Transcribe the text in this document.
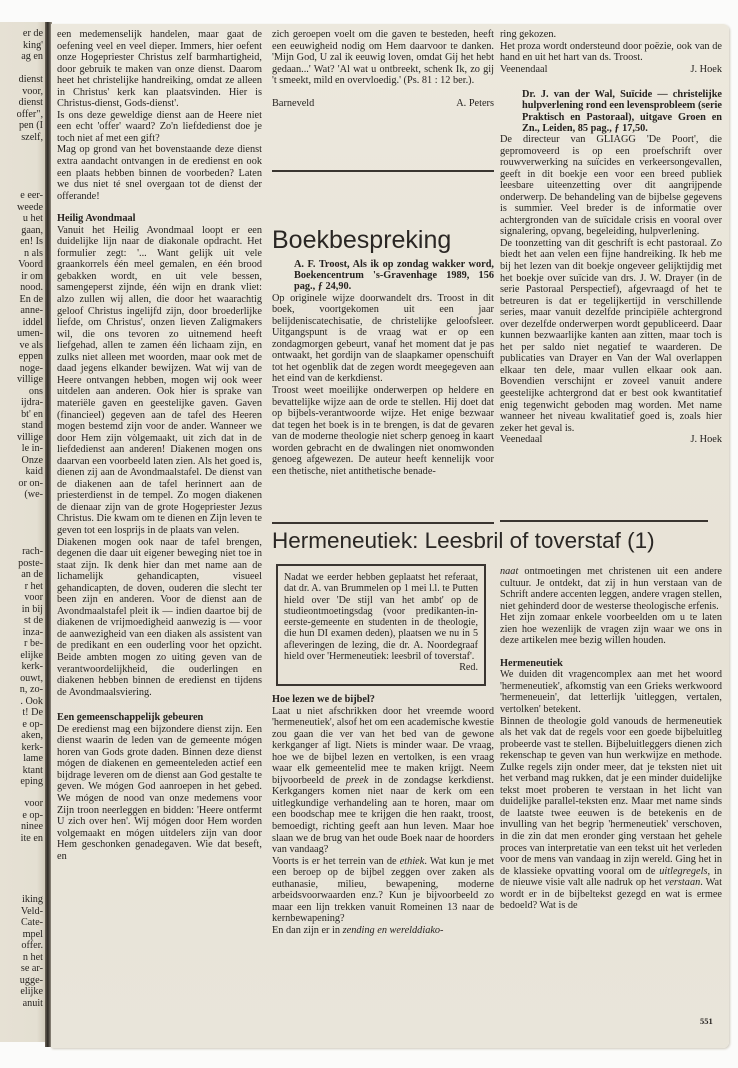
er de
king'
ag en

dienst
voor,
dienst
offer",
pen (I
szelf,
e eer-
weede
u het
gaan,
en! Is
n als
Voord
ir om
nood.
En de
anne-
iddel
umen-
ve als
eppen
noge-
villige
ons
ijdra-
bt' en
stand
villige
le in-
Onze
kaid
or on-
(we-
rach-
poste-
an de
r het
voor
in bij
st de
inza-
r be-
elijke
kerk-
ouwt,
n, zo-
. Ook
t! De
e op-
aken,
kerk-
lame
ktant
eping
voor
e op-
ninee
ite en
iking
Veld-
Cate-
mpel
offer.
n het
se ar-
ugge-
elijke
anuit

een medemenselijk handelen, maar gaat de oefening veel en veel dieper. Immers, hier oefent onze Hogepriester Christus zelf barmhartigheid, door gebruik te maken van onze dienst. Daarom heet het christelijke handreiking, omdat ze alleen in Christus' kerk kan plaatsvinden. Hier is Christus-dienst, Gods-dienst'.

Is ons deze geweldige dienst aan de Heere niet een echt 'offer' waard? Zo'n liefdedienst doe je toch niet af met een gift?

Mag op grond van het bovenstaande deze dienst extra aandacht ontvangen in de eredienst en ook een plaats hebben binnen de voorbeden? Laten we dus niet té snel overgaan tot de dienst der offerande!

Heilig Avondmaal

Vanuit het Heilig Avondmaal loopt er een duidelijke lijn naar de diakonale opdracht. Het formulier zegt: '... Want gelijk uit vele graankorrels één meel gemalen, en één brood gebakken wordt, en uit vele bessen, samengeperst zijnde, één wijn en drank vliet: alzo zullen wij allen, die door het waarachtig geloof Christus ingelijfd zijn, door broederlijke liefde, om Christus', onzen lieven Zaligmakers wil, die ons tevoren zo uitnemend heeft liefgehad, allen te zamen één lichaam zijn, en zulks niet alleen met woorden, maar ook met de daad jegens elkander bewijzen. Wat wij van de Heere ontvangen hebben, mogen wij ook weer uitdelen aan anderen. Ook hier is sprake van materiële gaven en geestelijke gaven. Gaven (financieel) gegeven aan de tafel des Heeren mogen bestemd zijn voor de ander. Wanneer we door Hem zijn vòlgemaakt, uit zich dat in de liefdedienst aan anderen! Diakenen mogen ons daarvan een voorbeeld laten zien. Als het goed is, dienen zij aan de Avondmaalstafel. De dienst van de diakenen aan de tafel herinnert aan de priesterdienst in de tempel. Zo mogen diakenen de dienaar zijn van de grote Hogepriester Jezus Christus. Die kwam om te dienen en Zijn leven te geven tot een losprijs in de plaats van velen.

Diakenen mogen ook naar de tafel brengen, degenen die daar uit eigener beweging niet toe in staat zijn. Ik denk hier dan met name aan de lichamelijk gehandicapten, visueel gehandicapten, de doven, ouderen die slecht ter been zijn en anderen. Voor de dienst aan de Avondmaalstafel pleit ik — indien daartoe bij de diakenen de vrijmoedigheid aanwezig is — voor de aanwezigheid van een diaken als assistent van de predikant en een ouderling voor het opzicht. Beide ambten mogen zo uiting geven van de verantwoordelijkheid, die ouderlingen en diakenen hebben binnen de eredienst en tijdens de Avondmaalsviering.

Een gemeenschappelijk gebeuren

De eredienst mag een bijzondere dienst zijn. Een dienst waarin de leden van de gemeente mógen horen van Gods grote daden. Binnen deze dienst mógen de diakenen en gemeenteleden actief een bijdrage leveren om de dienst aan God gestalte te geven. We mógen God aanroepen in het gebed. We mógen de nood van onze medemens voor Zijn troon neerleggen en bidden: 'Heere ontfermt U zich over hen'. Wij mógen door Hem worden volgemaakt en mógen uitdelers zijn van door Hem geschonken genadegaven. Wie dat beseft, en

zich geroepen voelt om die gaven te besteden, heeft een eeuwigheid nodig om Hem daarvoor te danken. 'Mijn God, U zal ik eeuwig loven, omdat Gij het hebt gedaan...' Wat? 'Al wat u ontbreekt, schenk Ik, zo gij 't smeekt, mild en overvloedig.' (Ps. 81 : 12 ber.).

Barneveld	A. Peters
Boekbespreking

A. F. Troost, Als ik op zondag wakker word, Boekencentrum 's-Gravenhage 1989, 156 pag., ƒ 24,90.

Op originele wijze doorwandelt drs. Troost in dit boek, voortgekomen uit een jaar belijdeniscatechisatie, de christelijke geloofsleer. Uitgangspunt is de vraag wat er op een zondagmorgen gebeurt, vanaf het moment dat je pas ontwaakt, het gordijn van de slaapkamer openschuift tot het ogenblik dat de zegen wordt meegegeven aan het eind van de kerkdienst.

Troost weet moeilijke onderwerpen op heldere en bevattelijke wijze aan de orde te stellen. Hij doet dat op bijbels-verantwoorde wijze. Het enige bezwaar dat tegen het boek is in te brengen, is dat de gevaren van de moderne theologie niet scherp genoeg in kaart worden gebracht en de dwalingen niet onomwonden genoeg afgewezen. De auteur heeft kennelijk voor een thetische, niet antithetische benade-

ring gekozen.

Het proza wordt ondersteund door poëzie, ook van de hand en uit het hart van ds. Troost.

Veenendaal	J. Hoek

Dr. J. van der Wal, Suïcide — christelijke hulpverlening rond een levensprobleem (serie Praktisch en Pastoraal), uitgave Groen en Zn., Leiden, 85 pag., ƒ 17,50.

De directeur van GLIAGG 'De Poort', die gepromoveerd is op een proefschrift over rouwverwerking na suïcides en verkeersongevallen, geeft in dit boekje een voor een breed publiek leesbare uiteenzetting over dit aangrijpende onderwerp. De behandeling van de bijbelse gegevens is summier. Veel breder is de informatie over achtergronden van de suïcidale crisis en vooral over signalering, opvang, begeleiding, hulpverlening.

De toonzetting van dit geschrift is echt pastoraal. Zo biedt het aan velen een fijne handreiking. Ik heb me bij het lezen van dit boekje ongeveer gelijktijdig met het boekje over suïcide van drs. J. W. Drayer (in de serie Pastoraal Perspectief), afgevraagd of het te betreuren is dat er tegelijkertijd in verschillende series, maar vanuit dezelfde principiële achtergrond over dezelfde onderwerpen wordt gepubliceerd. Daar kunnen bezwaarlijke kanten aan zitten, maar toch is het per saldo niet negatief te waarderen. De publicaties van Drayer en Van der Wal overlappen elkaar ten dele, maar vullen elkaar ook aan. Bovendien verschijnt er zoveel vanuit andere geestelijke achtergrond dat er best ook kwantitatief enig tegenwicht geboden mag worden. Met name wanneer het niveau kwalitatief goed is, zoals hier zeker het geval is.

Veenedaal	J. Hoek
Hermeneutiek: Leesbril of toverstaf (1)
Nadat we eerder hebben geplaatst het referaat, dat dr. A. van Brummelen op 1 mei l.l. te Putten hield over 'De stijl van het ambt' op de studieontmoetingsdag (voor predikanten-in-eerste-gemeente en studenten in de theologie, die hun DI examen deden), plaatsen we nu in 5 afleveringen de lezing, die dr. A. Noordegraaf hield over 'Hermeneutiek: leesbril of toverstaf'.
Red.

Hoe lezen we de bijbel?

Laat u niet afschrikken door het vreemde woord 'hermeneutiek', alsof het om een academische kwestie zou gaan die ver van het bed van de gewone kerkganger af ligt. Niets is minder waar. De vraag, hoe we de bijbel lezen en vertolken, is een vraag waar elk gemeentelid mee te maken krijgt. Neem bijvoorbeeld de preek in de zondagse kerkdienst. Kerkgangers komen niet naar de kerk om een uitlegkundige verhandeling aan te horen, maar om een boodschap mee te krijgen die hen raakt, troost, bemoedigt, richting geeft aan hun leven. Maar hoe slaan we de brug van het oude Boek naar de hoorders van vandaag?

Voorts is er het terrein van de ethiek. Wat kun je met een beroep op de bijbel zeggen over zaken als euthanasie, milieu, bewapening, moderne arbeidsvoorwaarden enz.? Kun je bijvoorbeeld zo maar een lijn trekken vanuit Romeinen 13 naar de kernbewapening?

En dan zijn er in zending en werelddiako-

naat ontmoetingen met christenen uit een andere cultuur. Je ontdekt, dat zij in hun verstaan van de Schrift andere accenten leggen, andere vragen stellen, niet gehinderd door de westerse theologische erfenis.

Het zijn zomaar enkele voorbeelden om u te laten zien hoe wezenlijk de vragen zijn waar we ons in deze artikelen mee bezig willen houden.

Hermeneutiek

We duiden dit vragencomplex aan met het woord 'hermeneutiek', afkomstig van een Grieks werkwoord 'hermeneuein', dat letterlijk 'uitleggen, vertalen, vertolken' betekent.

Binnen de theologie gold vanouds de hermeneutiek als het vak dat de regels voor een goede bijbeluitleg probeerde vast te stellen. Bijbeluitleggers dienen zich rekenschap te geven van hun werkwijze en methode. Zulke regels zijn onder meer, dat je teksten niet uit het verband mag rukken, dat je een minder duidelijke tekst moet proberen te verstaan in het licht van duidelijke parallel-teksten enz. Maar met name sinds de laatste twee eeuwen is de betekenis en de invulling van het begrip 'hermeneutiek' verschoven, in die zin dat men eronder ging verstaan het gehele proces van interpretatie van een tekst uit het verleden voor de mens van vandaag in zijn wereld. Ging het in de klassieke opvatting vooral om de uitlegregels, in de nieuwe visie valt alle nadruk op het verstaan. Wat wordt er in de bijbeltekst gezegd en wat is ermee bedoeld? Wat is de

551
